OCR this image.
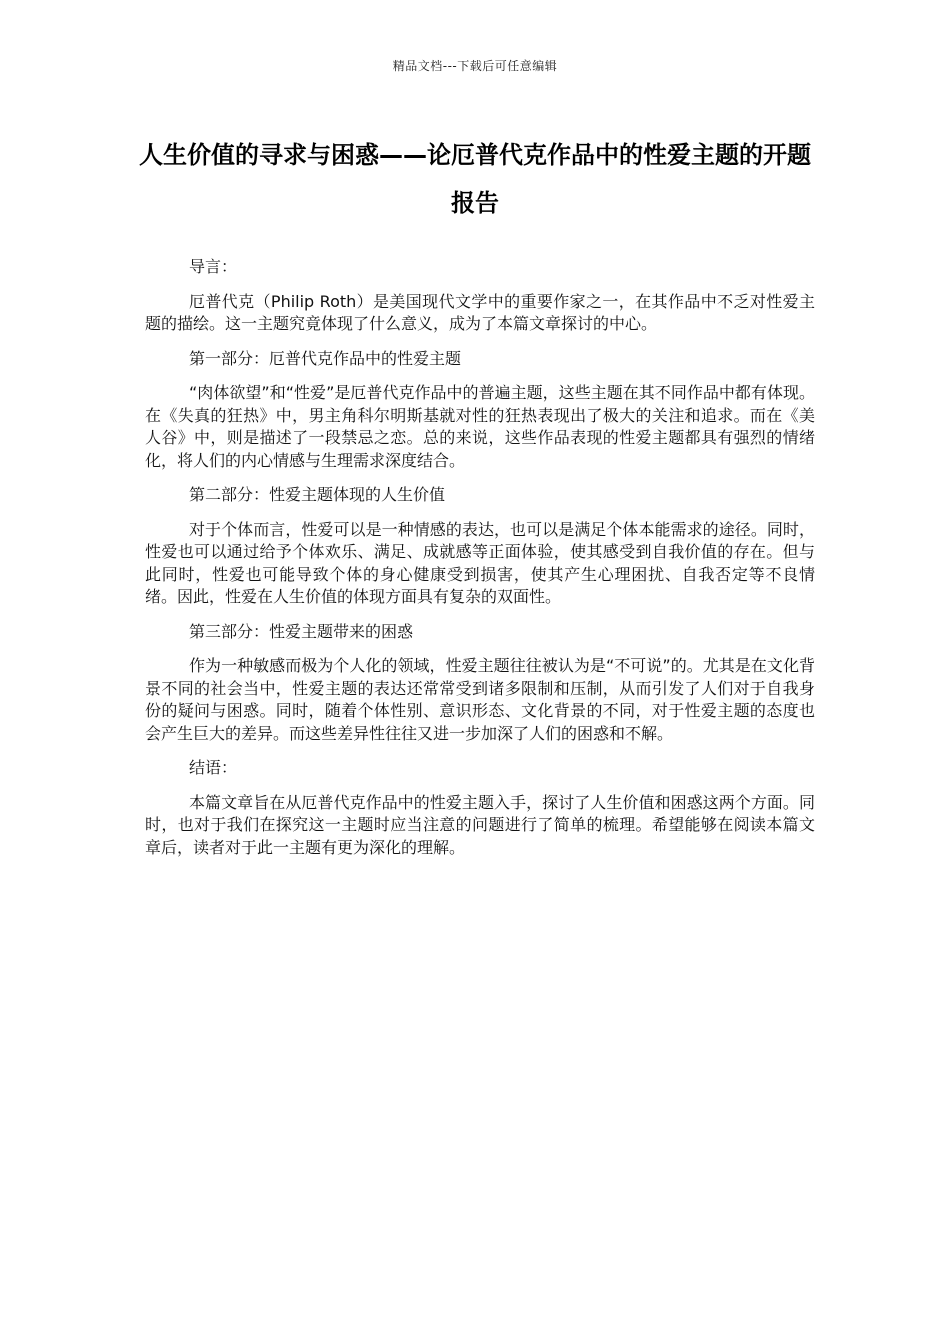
精品文档---下载后可任意编辑
人生价值的寻求与困惑——论厄普代克作品中的性爱主题的开题报告

导言：

厄普代克（Philip Roth）是美国现代文学中的重要作家之一，在其作品中不乏对性爱主题的描绘。这一主题究竟体现了什么意义，成为了本篇文章探讨的中心。

第一部分：厄普代克作品中的性爱主题

“肉体欲望”和“性爱”是厄普代克作品中的普遍主题，这些主题在其不同作品中都有体现。在《失真的狂热》中，男主角科尔明斯基就对性的狂热表现出了极大的关注和追求。而在《美人谷》中，则是描述了一段禁忌之恋。总的来说，这些作品表现的性爱主题都具有强烈的情绪化，将人们的内心情感与生理需求深度结合。

第二部分：性爱主题体现的人生价值

对于个体而言，性爱可以是一种情感的表达，也可以是满足个体本能需求的途径。同时，性爱也可以通过给予个体欢乐、满足、成就感等正面体验，使其感受到自我价值的存在。但与此同时，性爱也可能导致个体的身心健康受到损害，使其产生心理困扰、自我否定等不良情绪。因此，性爱在人生价值的体现方面具有复杂的双面性。

第三部分：性爱主题带来的困惑

作为一种敏感而极为个人化的领域，性爱主题往往被认为是“不可说”的。尤其是在文化背景不同的社会当中，性爱主题的表达还常常受到诸多限制和压制，从而引发了人们对于自我身份的疑问与困惑。同时，随着个体性别、意识形态、文化背景的不同，对于性爱主题的态度也会产生巨大的差异。而这些差异性往往又进一步加深了人们的困惑和不解。

结语：

本篇文章旨在从厄普代克作品中的性爱主题入手，探讨了人生价值和困惑这两个方面。同时，也对于我们在探究这一主题时应当注意的问题进行了简单的梳理。希望能够在阅读本篇文章后，读者对于此一主题有更为深化的理解。
